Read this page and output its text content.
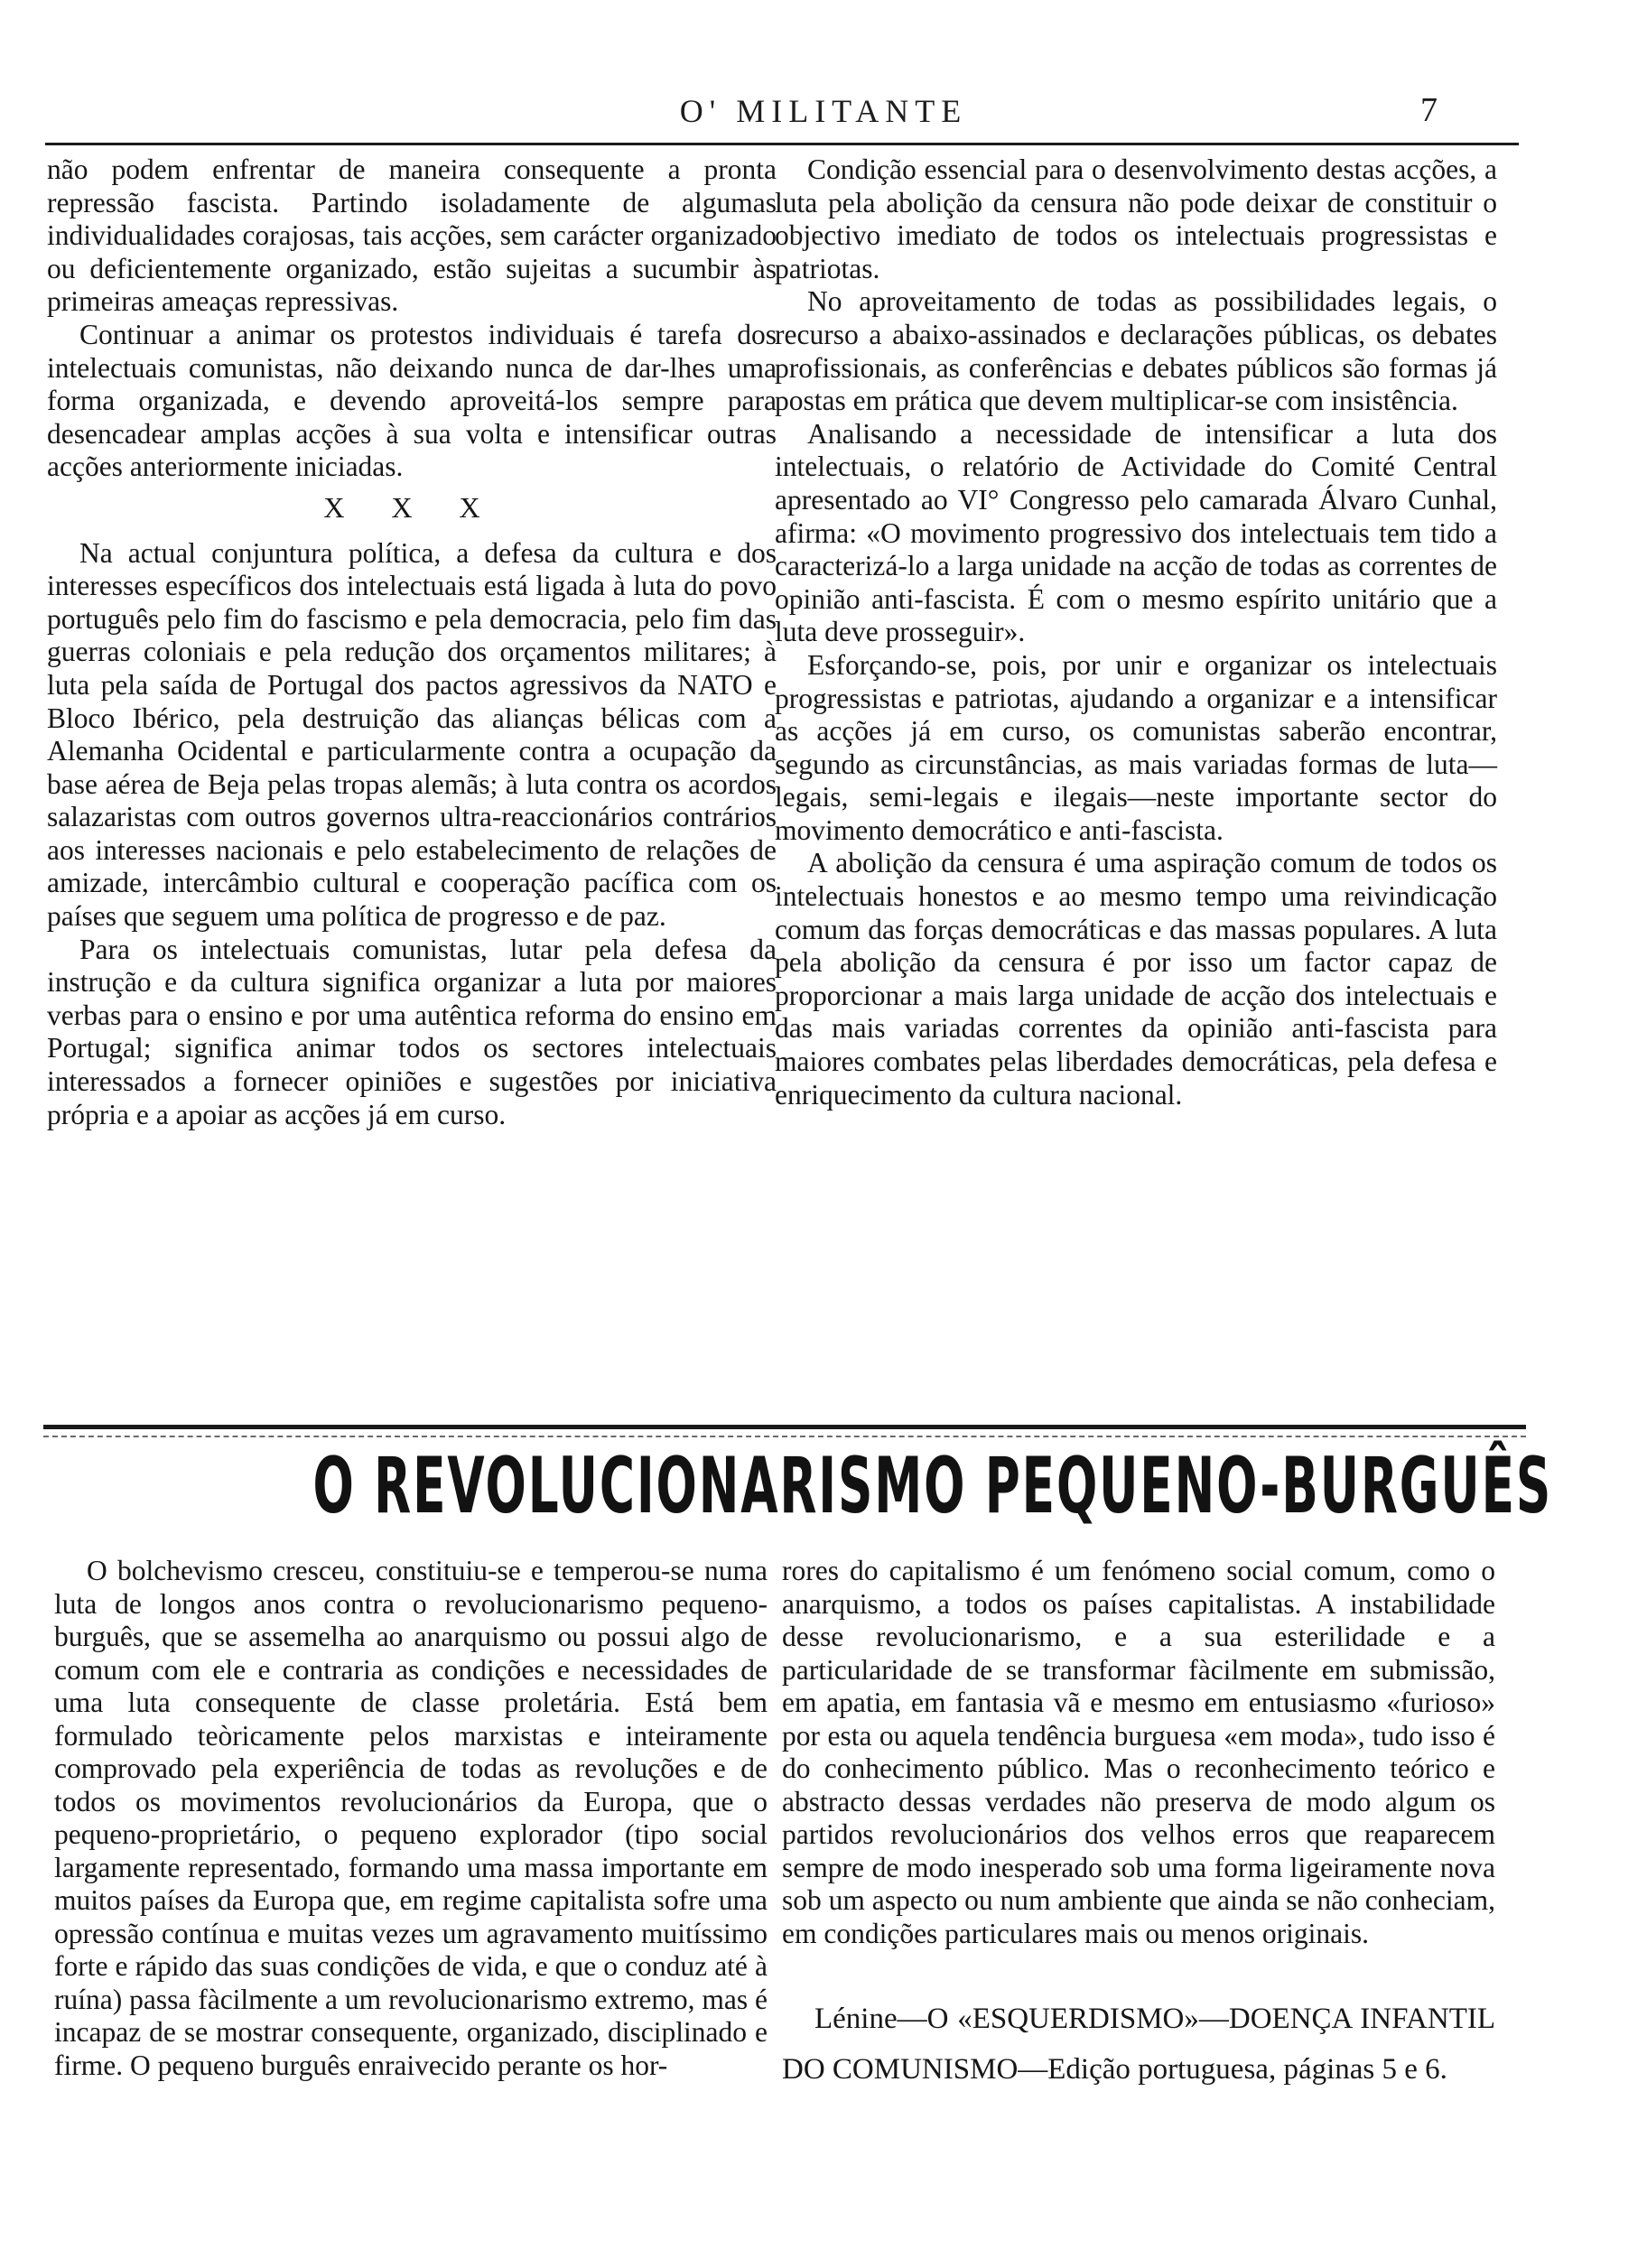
O' MILITANTE	7

não podem enfrentar de maneira consequente a pronta repressão fascista. Partindo isoladamente de algumas individualidades corajosas, tais acções, sem carácter organizado ou deficientemente organizado, estão sujeitas a sucumbir às primeiras ameaças repressivas.

Continuar a animar os protestos individuais é tarefa dos intelectuais comunistas, não deixando nunca de dar-lhes uma forma organizada, e devendo aproveitá-los sempre para desencadear amplas acções à sua volta e intensificar outras acções anteriormente iniciadas.

X X X

Na actual conjuntura política, a defesa da cultura e dos interesses específicos dos intelectuais está ligada à luta do povo português pelo fim do fascismo e pela democracia, pelo fim das guerras coloniais e pela redução dos orçamentos militares; à luta pela saída de Portugal dos pactos agressivos da NATO e Bloco Ibérico, pela destruição das alianças bélicas com a Alemanha Ocidental e particularmente contra a ocupação da base aérea de Beja pelas tropas alemãs; à luta contra os acordos salazaristas com outros governos ultra-reaccionários contrários aos interesses nacionais e pelo estabelecimento de relações de amizade, intercâmbio cultural e cooperação pacífica com os países que seguem uma política de progresso e de paz.

Para os intelectuais comunistas, lutar pela defesa da instrução e da cultura significa organizar a luta por maiores verbas para o ensino e por uma autêntica reforma do ensino em Portugal; significa animar todos os sectores intelectuais interessados a fornecer opiniões e sugestões por iniciativa própria e a apoiar as acções já em curso.

Condição essencial para o desenvolvimento destas acções, a luta pela abolição da censura não pode deixar de constituir o objectivo imediato de todos os intelectuais progressistas e patriotas.

No aproveitamento de todas as possibilidades legais, o recurso a abaixo-assinados e declarações públicas, os debates profissionais, as conferências e debates públicos são formas já postas em prática que devem multiplicar-se com insistência.

Analisando a necessidade de intensificar a luta dos intelectuais, o relatório de Actividade do Comité Central apresentado ao VI° Congresso pelo camarada Álvaro Cunhal, afirma: «O movimento progressivo dos intelectuais tem tido a caracterizá-lo a larga unidade na acção de todas as correntes de opinião anti-fascista. É com o mesmo espírito unitário que a luta deve prosseguir».

Esforçando-se, pois, por unir e organizar os intelectuais progressistas e patriotas, ajudando a organizar e a intensificar as acções já em curso, os comunistas saberão encontrar, segundo as circunstâncias, as mais variadas formas de luta—legais, semi-legais e ilegais—neste importante sector do movimento democrático e anti-fascista.

A abolição da censura é uma aspiração comum de todos os intelectuais honestos e ao mesmo tempo uma reivindicação comum das forças democráticas e das massas populares. A luta pela abolição da censura é por isso um factor capaz de proporcionar a mais larga unidade de acção dos intelectuais e das mais variadas correntes da opinião anti-fascista para maiores combates pelas liberdades democráticas, pela defesa e enriquecimento da cultura nacional.

O REVOLUCIONARISMO PEQUENO-BURGUÊS

O bolchevismo cresceu, constituiu-se e temperou-se numa luta de longos anos contra o revolucionarismo pequeno-burguês, que se assemelha ao anarquismo ou possui algo de comum com ele e contraria as condições e necessidades de uma luta consequente de classe proletária. Está bem formulado teòricamente pelos marxistas e inteiramente comprovado pela experiência de todas as revoluções e de todos os movimentos revolucionários da Europa, que o pequeno-proprietário, o pequeno explorador (tipo social largamente representado, formando uma massa importante em muitos países da Europa que, em regime capitalista sofre uma opressão contínua e muitas vezes um agravamento muitíssimo forte e rápido das suas condições de vida, e que o conduz até à ruína) passa fàcilmente a um revolucionarismo extremo, mas é incapaz de se mostrar consequente, organizado, disciplinado e firme. O pequeno burguês enraivecido perante os hor-

rores do capitalismo é um fenómeno social comum, como o anarquismo, a todos os países capitalistas. A instabilidade desse revolucionarismo, e a sua esterilidade e a particularidade de se transformar fàcilmente em submissão, em apatia, em fantasia vã e mesmo em entusiasmo «furioso» por esta ou aquela tendência burguesa «em moda», tudo isso é do conhecimento público. Mas o reconhecimento teórico e abstracto dessas verdades não preserva de modo algum os partidos revolucionários dos velhos erros que reaparecem sempre de modo inesperado sob uma forma ligeiramente nova sob um aspecto ou num ambiente que ainda se não conheciam, em condições particulares mais ou menos originais.

Lénine—O «ESQUERDISMO»—DOENÇA INFANTIL DO COMUNISMO—Edição portuguesa, páginas 5 e 6.
